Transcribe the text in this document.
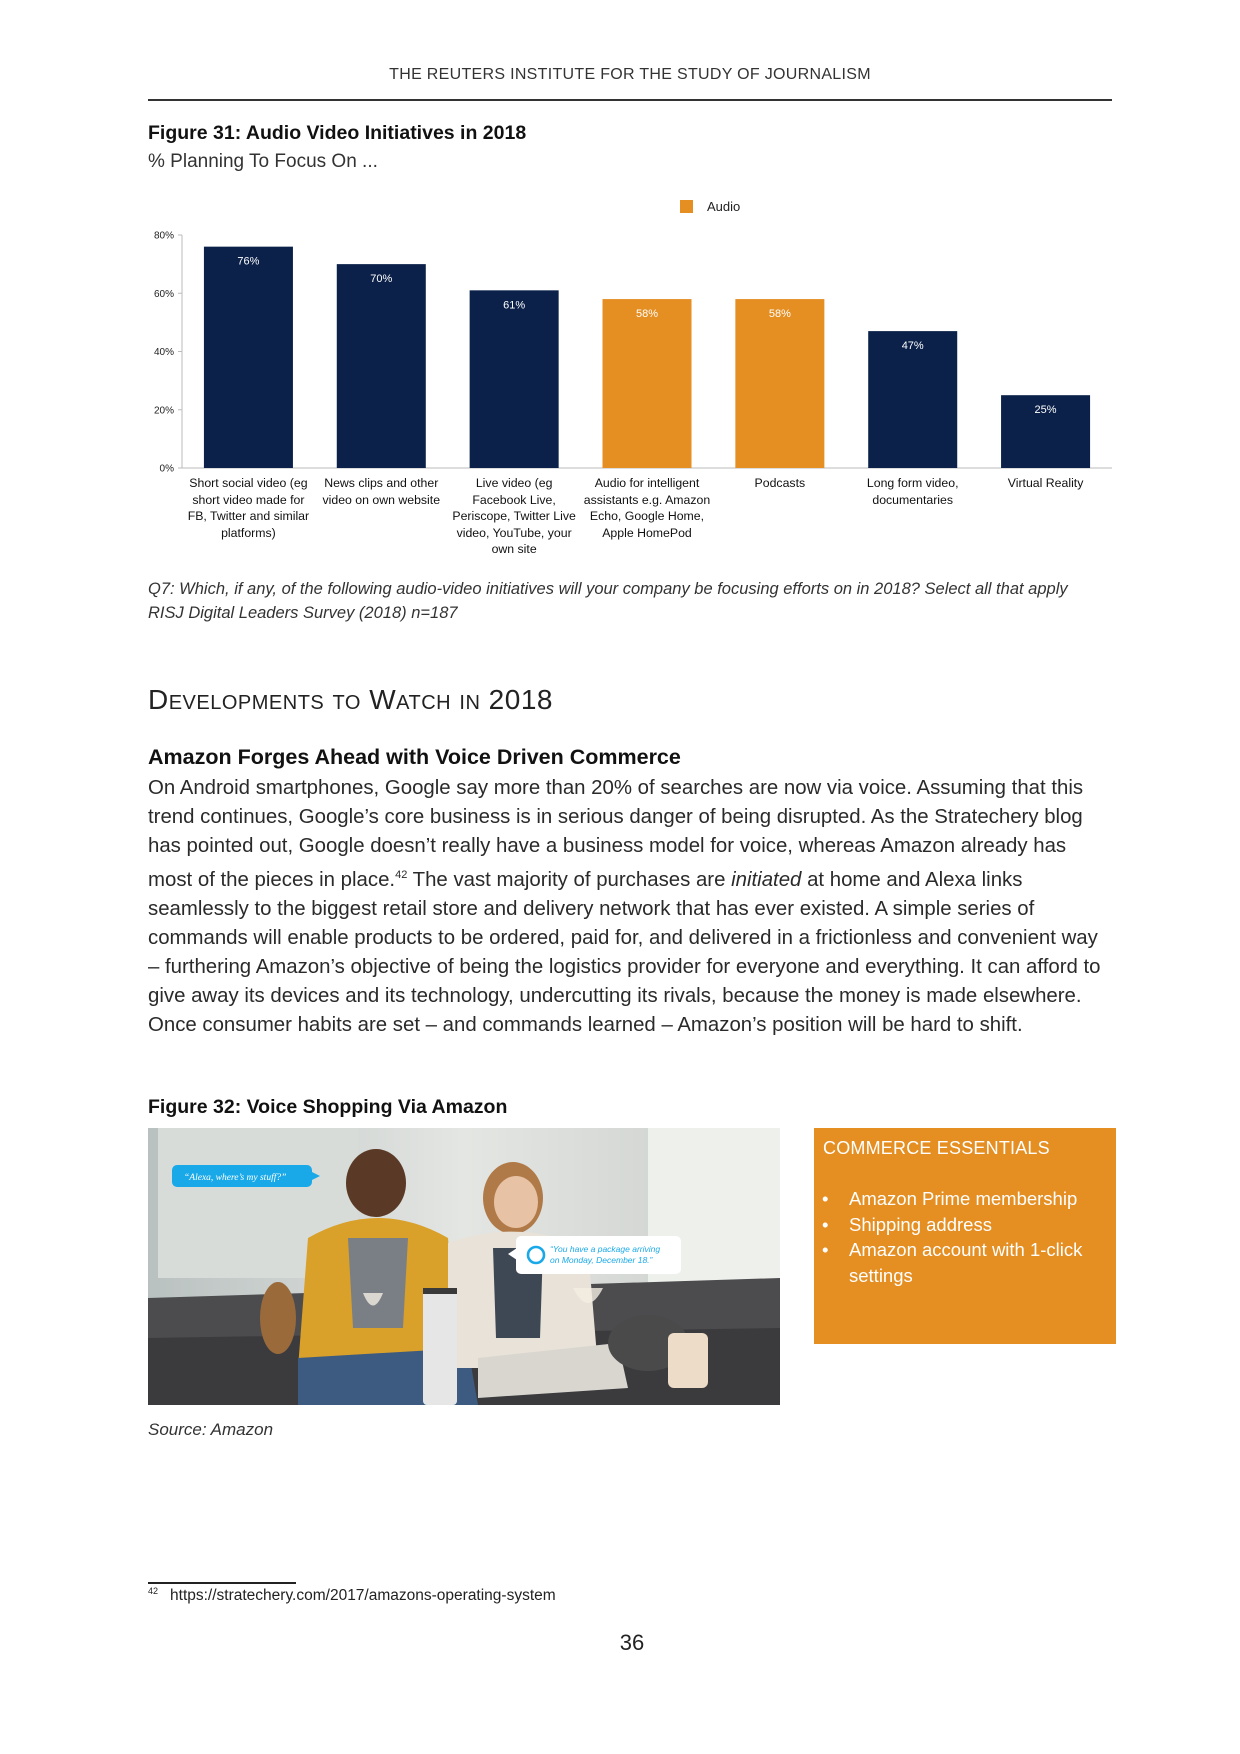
THE REUTERS INSTITUTE FOR THE STUDY OF JOURNALISM
Figure 31: Audio Video Initiatives in 2018
% Planning To Focus On ...
Audio
0%
20%
40%
60%
80%
76%
70%
61%
58%	58%
47%
25%
Short social video (eg
short video made for
FB, Twitter and similar
platforms)
News clips and other
video on own website
Live video (eg
Facebook Live,
Periscope, Twitter Live
video, YouTube, your
own site
Audio for intelligent
assistants e.g. Amazon
Echo, Google Home,
Apple HomePod
Podcasts	Long form video,
documentaries
Virtual Reality
Q7: Which, if any, of the following audio-video initiatives will your company be focusing efforts on in 2018? Select all that apply
RISJ Digital Leaders Survey (2018) n=187
Developments to Watch in 2018
Amazon Forges Ahead with Voice Driven Commerce
On Android smartphones, Google say more than 20% of searches are now via voice. Assuming that this trend continues, Google’s core business is in serious danger of being disrupted. As the Stratechery blog has pointed out, Google doesn’t really have a business model for voice, whereas Amazon already has most of the pieces in place.$^{42}$ The vast majority of purchases are initiated at home and Alexa links seamlessly to the biggest retail store and delivery network that has ever existed. A simple series of commands will enable products to be ordered, paid for, and delivered in a frictionless and convenient way – furthering Amazon’s objective of being the logistics provider for everyone and everything. It can afford to give away its devices and its technology, undercutting its rivals, because the money is made elsewhere. Once consumer habits are set – and commands learned – Amazon’s position will be hard to shift.
Figure 32: Voice Shopping Via Amazon
“Alexa, where’s my stuff?”
“You have a package arriving
on Monday, December 18.”
Source: Amazon
COMMERCE ESSENTIALS
• Amazon Prime membership
• Shipping address
• Amazon account with 1-click settings
$^{42}$ https://stratechery.com/2017/amazons-operating-system
36
